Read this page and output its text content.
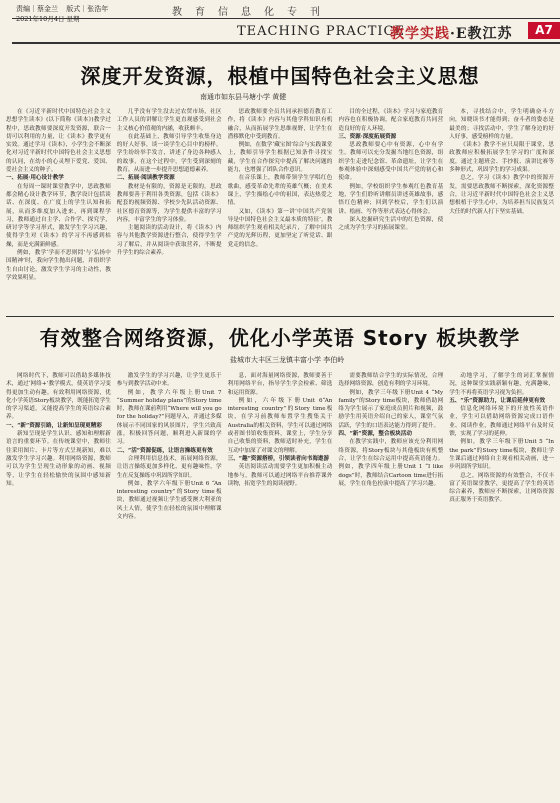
责编｜蔡金兰 版式｜张浩年
2021年10月4日 星期一
教育信息化专刊
TEACHING PRACTICE
教学实践·E教江苏	A7
深度开发资源，根植中国特色社会主义思想
南通市如东县马塘小学 黄健

在《习近平新时代中国特色社会主义思想学生读本》(以下简称《读本》)教学过程中，思政教师要深度开发资源，联合一切可以利用的力量，让《读本》教学更有实效。通过学习《读本》，小学生会不断深化对习近平新时代中国特色社会主义思想的认同，在幼小的心灵埋下爱党、爱国、爱社会主义的种子。

一、拓展·用心设计教学

在每周一课时课堂教学中，思政教师都会精心设计教学环节，教学设计包括谈话、在深度、在广度上的学生认知和拓展，从而多维度加入进来，再到课程学习，教师通过自主学、合作学、探究学，研讨学等学习形式，激发学生学习兴趣，使得学生对《读本》的学习不再感到枯燥，而是充满新鲜感。

例如，教学‘学而不思则罔’与‘弘扬中国精神’时，我向学生抛出问题，并组织学生自由讨论，激发学生学习的主动性，教学效果明显。

几乎没有学生没去过农贸市场，社区工作人员的讲解让学生更直观感受到社会主义核心价值观的内涵，收获颇丰。

在此基础上，教师引导学生收集身边的好人好事，谈一谈学生心目中的榜样。学生纷纷举手发言，讲述了身边各种感人的故事，在这个过程中，学生受到深刻的教育，从而进一步提升思想道德素养。

二、拓展·阅读教学资源

教材是有限的，资源是无限的。思政教师要善于利用各类资源，包括《读本》配套的视频资源、学校少先队活动资源、社区德育资源等，为学生提供丰富的学习内容，丰富学生的学习体验。

主题阅读的活动设计，将《读本》内容与其他教学资源进行整合，使得学生学习了解后，并从阅读中获取营养，不断提升学生的综合素养。

思政教师要全员共同承担德育教育工作，将《读本》内容与其他学科知识有机融合，从而拓展学生思维视野，让学生在潜移默化中受到教育。

例如，在数学‘藏宝图’综合与实践课堂上，教师引导学生根据已知条件寻找宝藏，学生在合作探究中提高了解决问题的能力，也增强了团队合作意识。

在音乐课上，教师带领学生学唱红色歌曲，感受革命先辈的英雄气概；在美术课上，学生描绘心中的祖国，表达热爱之情。

又如，《读本》第一讲‘中国共产党领导是中国特色社会主义最本质的特征’，教师组织学生观看相关纪录片，了解中国共产党的光辉历程，更加坚定了听党话、跟党走的信念。

目的全过程，《读本》学习与家庭教育内容也在积极协调，配合家庭教育共同营造良好的育人环境。

三、资源·深度拓展资源

思政教师要心中有资源，心中有学生。教师可以充分发掘当地红色资源，组织学生走进纪念馆、革命遗址，让学生在参观体验中深刻感受中国共产党的初心和使命。

例如，学校组织学生参观红色教育基地，学生们聆听讲解员讲述英雄故事，感悟红色精神；回到学校后，学生们以演讲、绘画、写作等形式表达心得体会。

深入挖掘研究生活中的红色资源，使之成为学生学习的拓展课堂。

本，寻找结合中，学生明确奋斗方向，知晓读书才能得到；奋斗者的姿态是最美的；寻找活动中，学生了解身边的好人好事，感受榜样的力量。

《读本》教学不应只局限于课堂，思政教师应积极拓展学生学习的广度和深度，通过主题班会、手抄报、演讲比赛等多种形式，巩固学生的学习成果。

总之，学习《读本》教学中的资源开发，需要思政教师不断探索，深化资源整合，让习近平新时代中国特色社会主义思想根植于学生心中，为培养担当民族复兴大任的时代新人打下坚实基础。

有效整合网络资源，优化小学英语 Story 板块教学
盐城市大丰区三龙镇丰富小学 李伯岭

网络时代下，教师可以借助多媒体技术，通过‘网络+’教学模式，使英语学习变得更加生动有趣。有效利用网络资源，优化小学英语Story板块教学，既能拓宽学生的学习渠道，又能提高学生的英语综合素养。

一、“新”资源引路，让新知呈现更精彩

新知呈现是学生认识、感知和理解新语言的重要环节。在传统课堂中，教师往往采用图片、卡片等方式呈现新知，难以激发学生学习兴趣。利用网络资源，教师可以为学生呈现生动形象的动画、视频等，让学生在轻松愉快的氛围中感知新知。

激发学生的学习兴趣，让学生更乐于参与到教学活动中来。

例如，教学六年级上册Unit 7 “Summer holiday plans”的Story time时，教师在课前利用“Where will you go for the holiday?”问题导入，并通过多媒体展示不同国家的风景图片，学生兴致高涨，积极回答问题，顺利进入新课的学习。

二、“活”资源促练，让语言操练更有效

合理利用信息技术，拓展网络资源，让语言操练更加多样化、更有趣味性，学生在反复操练中巩固所学知识。

例如，教学六年级下册Unit 6 “An interesting country”的Story time板块，教师通过视频让学生感受澳大利亚的风土人情，使学生在轻松的氛围中理解课文内容。

息，面对海量网络资源，教师要善于利用网络平台，指导学生学会检索、筛选和运用资源。

例如，六年级下册Unit 6“An interesting country”的Story time板块，在学习前教师布置学生搜集关于Australia的相关资料，学生可以通过网络或者图书馆收集资料，课堂上，学生分享自己收集的资料，教师适时补充，学生在互动中加深了对课文的理解。

三、“趣”资源搭桥，引领读者向书海遨游

英语阅读活动需要学生更加积极主动地参与，教师可以通过网络平台推荐课外读物，拓宽学生的阅读视野。

需要教师结合学生的实际情况，合理选择网络资源，创造有利的学习环境。

例如，教学三年级下册Unit 4 “My family”的Story time板块，教师借助网络为学生展示了家庭成员照片和视频，鼓励学生用英语介绍自己的家人，课堂气氛活跃，学生的口语表达能力得到了提升。

四、“新”资源，整合板块活动

在教学实践中，教师应该充分利用网络资源，将Story板块与其他板块有机整合，让学生在综合运用中提高英语能力。例如，教学四年级上册Unit 1 “I like dogs”时，教师结合Cartoon time进行拓展，学生在角色扮演中提高了学习兴趣。

动地学习，了解学生的词汇掌握情况，这种课堂实践新颖有趣，充满趣味，学生不再将英语学习视为负担。

五、“乐”资源助力，让课后延伸更有效

信息化网络环境下的开放性英语作业，学生可以借助网络资源完成口语作业、阅读作业，教师通过网络平台及时反馈，实现了学习的延伸。

例如，教学三年级下册Unit 5 “In the park”的Story time板块，教师让学生课后通过网络自主观看相关动画，进一步巩固所学知识。

总之，网络资源的有效整合，不仅丰富了英语课堂教学，更提高了学生的英语综合素养，教师应不断探索，让网络资源真正服务于英语教学。
